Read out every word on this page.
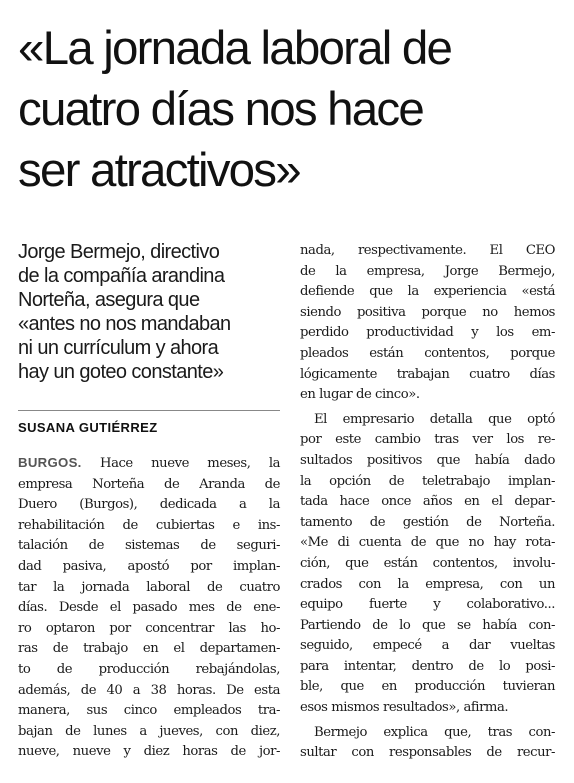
«La jornada laboral de
cuatro días nos hace
ser atractivos»
Jorge Bermejo, directivo
de la compañía arandina
Norteña, asegura que
«antes no nos mandaban
ni un currículum y ahora
hay un goteo constante»
SUSANA GUTIÉRREZ
BURGOS. Hace nueve meses, la
empresa Norteña de Aranda de
Duero (Burgos), dedicada a la
rehabilitación de cubiertas e ins-
talación de sistemas de seguri-
dad pasiva, apostó por implan-
tar la jornada laboral de cuatro
días. Desde el pasado mes de ene-
ro optaron por concentrar las ho-
ras de trabajo en el departamen-
to de producción rebajándolas,
además, de 40 a 38 horas. De esta
manera, sus cinco empleados tra-
bajan de lunes a jueves, con diez,
nueve, nueve y diez horas de jor-
nada, respectivamente. El CEO
de la empresa, Jorge Bermejo,
defiende que la experiencia «está
siendo positiva porque no hemos
perdido productividad y los em-
pleados están contentos, porque
lógicamente trabajan cuatro días
en lugar de cinco».
El empresario detalla que optó
por este cambio tras ver los re-
sultados positivos que había dado
la opción de teletrabajo implan-
tada hace once años en el depar-
tamento de gestión de Norteña.
«Me di cuenta de que no hay rota-
ción, que están contentos, involu-
crados con la empresa, con un
equipo fuerte y colaborativo...
Partiendo de lo que se había con-
seguido, empecé a dar vueltas
para intentar, dentro de lo posi-
ble, que en producción tuvieran
esos mismos resultados», afirma.
Bermejo explica que, tras con-
sultar con responsables de recur-
